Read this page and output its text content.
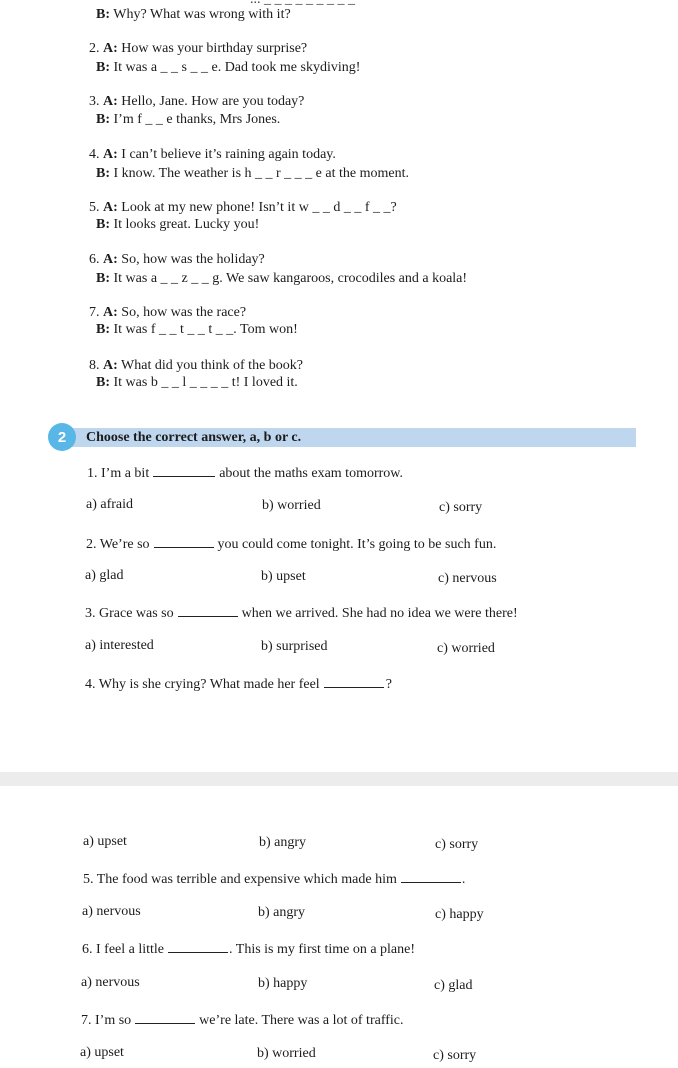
B: Why? What was wrong with it?
2. A: How was your birthday surprise?
B: It was a _ _ s _ _ e. Dad took me skydiving!
3. A: Hello, Jane. How are you today?
B: I’m f _ _ e thanks, Mrs Jones.
4. A: I can’t believe it’s raining again today.
B: I know. The weather is h _ _ r _ _ _ e at the moment.
5. A: Look at my new phone! Isn’t it w _ _ d _ _ f _ _?
B: It looks great. Lucky you!
6. A: So, how was the holiday?
B: It was a _ _ z _ _ g. We saw kangaroos, crocodiles and a koala!
7. A: So, how was the race?
B: It was f _ _ t _ _ t _ _. Tom won!
8. A: What did you think of the book?
B: It was b _ _ l _ _ _ _ t! I loved it.
2	Choose the correct answer, a, b or c.
1. I’m a bit	about the maths exam tomorrow.
a) afraid	b) worried	c) sorry
2. We’re so	you could come tonight. It’s going to be such fun.
a) glad	b) upset	c) nervous
3. Grace was so	when we arrived. She had no idea we were there!
a) interested	b) surprised	c) worried
4. Why is she crying? What made her feel	?
a) upset	b) angry	c) sorry
5. The food was terrible and expensive which made him	.
a) nervous	b) angry	c) happy
6. I feel a little	. This is my first time on a plane!
a) nervous	b) happy	c) glad
7. I’m so	we’re late. There was a lot of traffic.
a) upset	b) worried	c) sorry
